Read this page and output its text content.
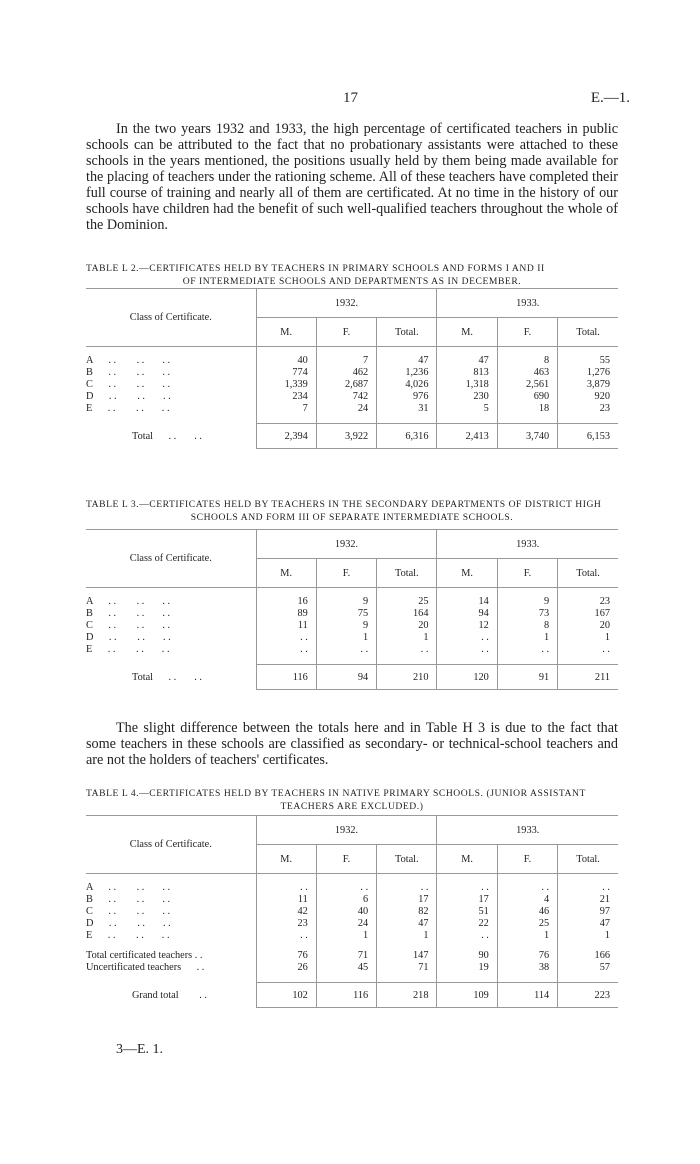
17	E.—1.

In the two years 1932 and 1933, the high percentage of certificated teachers in public schools can be attributed to the fact that no probationary assistants were attached to these schools in the years mentioned, the positions usually held by them being made available for the placing of teachers under the rationing scheme. All of these teachers have completed their full course of training and nearly all of them are certificated. At no time in the history of our schools have children had the benefit of such well-qualified teachers throughout the whole of the Dominion.

TABLE L 2.—CERTIFICATES HELD BY TEACHERS IN PRIMARY SCHOOLS AND FORMS I AND II
OF INTERMEDIATE SCHOOLS AND DEPARTMENTS AS IN DECEMBER.

Class of Certificate.	1932.			1933.		
	M.	F.	Total.	M.	F.	Total.

A      . .        . .       . .	40	7	47	47	8	55
B      . .        . .       . .	774	462	1,236	813	463	1,276
C      . .        . .       . .	1,339	2,687	4,026	1,318	2,561	3,879
D      . .        . .       . .	234	742	976	230	690	920
E      . .        . .       . .	7	24	31	5	18	23

Total      . .       . .	2,394	3,922	6,316	2,413	3,740	6,153
TABLE L 3.—CERTIFICATES HELD BY TEACHERS IN THE SECONDARY DEPARTMENTS OF DISTRICT HIGH
SCHOOLS AND FORM III OF SEPARATE INTERMEDIATE SCHOOLS.

Class of Certificate.	1932.			1933.		
	M.	F.	Total.	M.	F.	Total.

A      . .        . .       . .	16	9	25	14	9	23
B      . .        . .       . .	89	75	164	94	73	167
C      . .        . .       . .	11	9	20	12	8	20
D      . .        . .       . .	. .	1	1	. .	1	1
E      . .        . .       . .	. .	. .	. .	. .	. .	. .

Total      . .       . .	116	94	210	120	91	211

The slight difference between the totals here and in Table H 3 is due to the fact that some teachers in these schools are classified as secondary- or technical-school teachers and are not the holders of teachers' certificates.

TABLE L 4.—CERTIFICATES HELD BY TEACHERS IN NATIVE PRIMARY SCHOOLS. (JUNIOR ASSISTANT
TEACHERS ARE EXCLUDED.)

Class of Certificate.	1932.			1933.		
	M.	F.	Total.	M.	F.	Total.

A      . .        . .       . .	. .	. .	. .	. .	. .	. .
B      . .        . .       . .	11	6	17	17	4	21
C      . .        . .       . .	42	40	82	51	46	97
D      . .        . .       . .	23	24	47	22	25	47
E      . .        . .       . .	. .	1	1	. .	1	1

Total certificated teachers . .	76	71	147	90	76	166
Uncertificated teachers      . .	26	45	71	19	38	57

Grand total        . .	102	116	218	109	114	223
3—E. 1.
